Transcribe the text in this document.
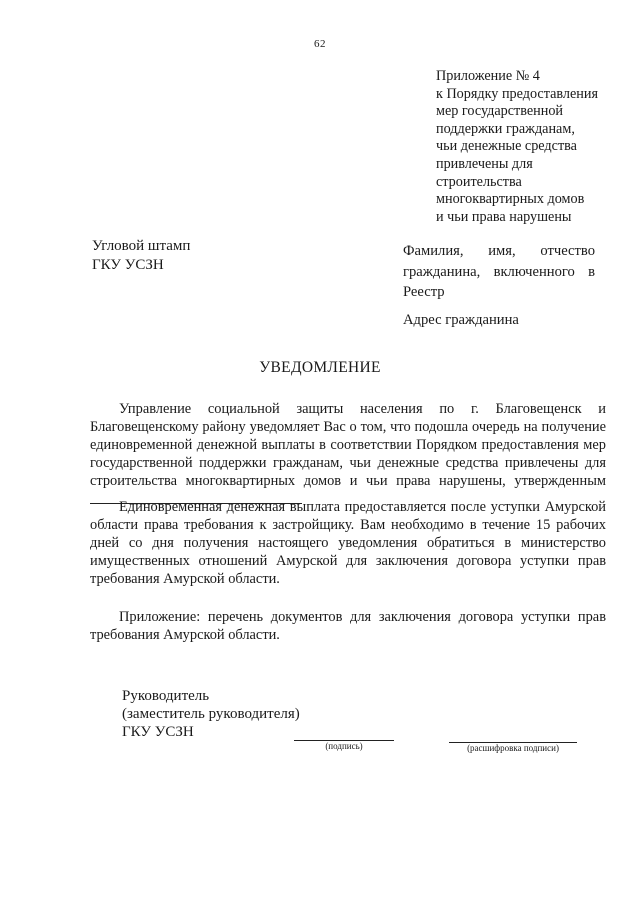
62
Приложение № 4
к Порядку предоставления
мер государственной
поддержки гражданам,
чьи денежные средства
привлечены для
строительства
многоквартирных домов
и чьи права нарушены
Угловой штамп
ГКУ УСЗН
Фамилия, имя, отчество гражданина, включенного в Реестр
Адрес гражданина
УВЕДОМЛЕНИЕ

Управление социальной защиты населения по г. Благовещенск и Благовещенскому району уведомляет Вас о том, что подошла очередь на получение единовременной денежной выплаты в соответствии Порядком предоставления мер государственной поддержки гражданам, чьи денежные средства привлечены для строительства многоквартирных домов и чьи права нарушены, утвержденным

Единовременная денежная выплата предоставляется после уступки Амурской области права требования к застройщику. Вам необходимо в течение 15 рабочих дней со дня получения настоящего уведомления обратиться в министерство имущественных отношений Амурской для заключения договора уступки прав требования Амурской области.

Приложение: перечень документов для заключения договора уступки прав требования Амурской области.

Руководитель
(заместитель руководителя)
ГКУ УСЗН
(подпись)	(расшифровка подписи)
